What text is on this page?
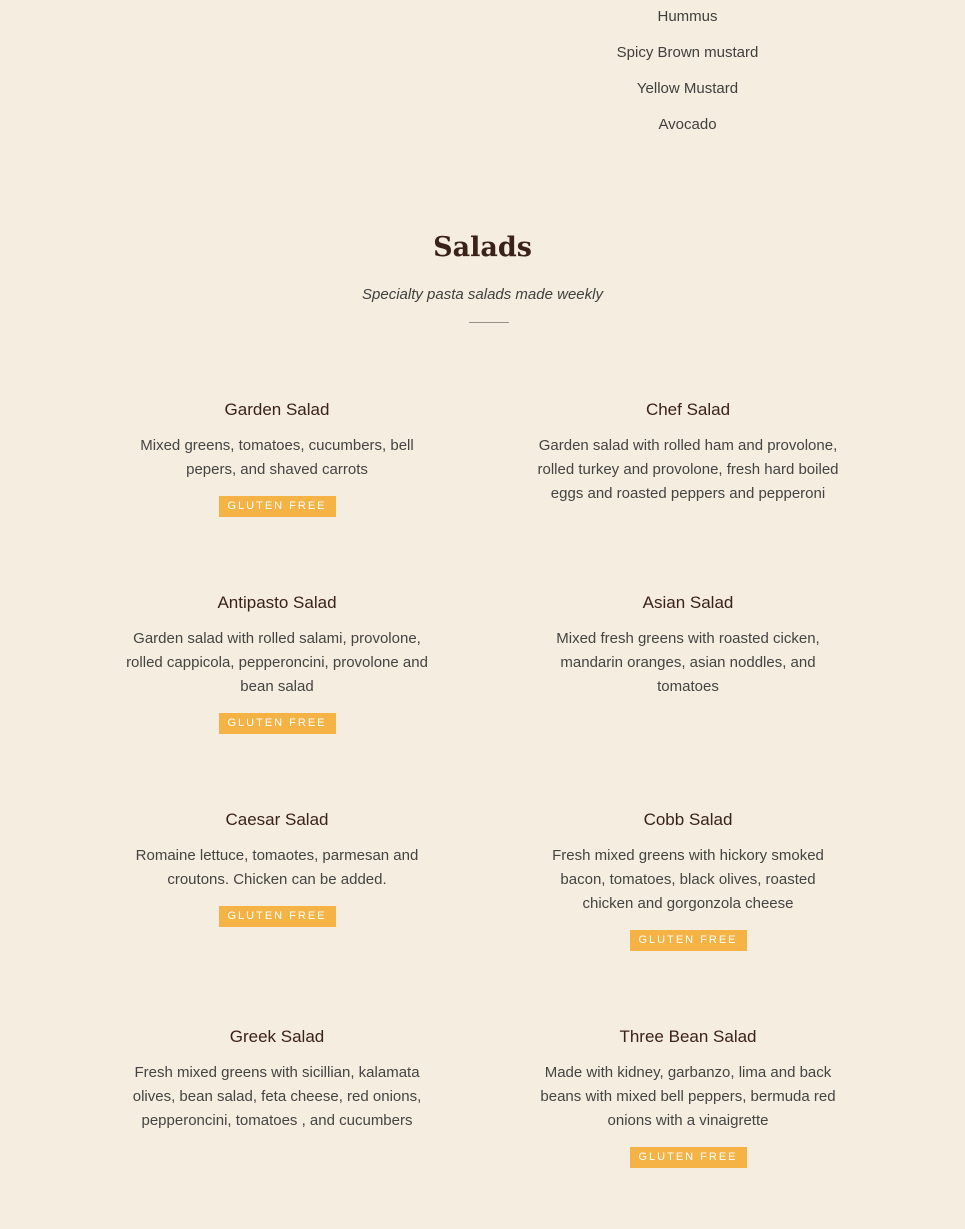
Hummus
Spicy Brown mustard
Yellow Mustard
Avocado
Salads
Specialty pasta salads made weekly
Garden Salad
Mixed greens, tomatoes, cucumbers, bell pepers, and shaved carrots
GLUTEN FREE
Chef Salad
Garden salad with rolled ham and provolone, rolled turkey and provolone, fresh hard boiled eggs and roasted peppers and pepperoni
Antipasto Salad
Garden salad with rolled salami, provolone, rolled cappicola, pepperoncini, provolone and bean salad
GLUTEN FREE
Asian Salad
Mixed fresh greens with roasted cicken, mandarin oranges, asian noddles, and tomatoes
Caesar Salad
Romaine lettuce, tomaotes, parmesan and croutons. Chicken can be added.
GLUTEN FREE
Cobb Salad
Fresh mixed greens with hickory smoked bacon, tomatoes, black olives, roasted chicken and gorgonzola cheese
GLUTEN FREE
Greek Salad
Fresh mixed greens with sicillian, kalamata olives, bean salad, feta cheese, red onions, pepperoncini, tomatoes , and cucumbers
Three Bean Salad
Made with kidney, garbanzo, lima and back beans with mixed bell peppers, bermuda red onions with a vinaigrette
GLUTEN FREE
